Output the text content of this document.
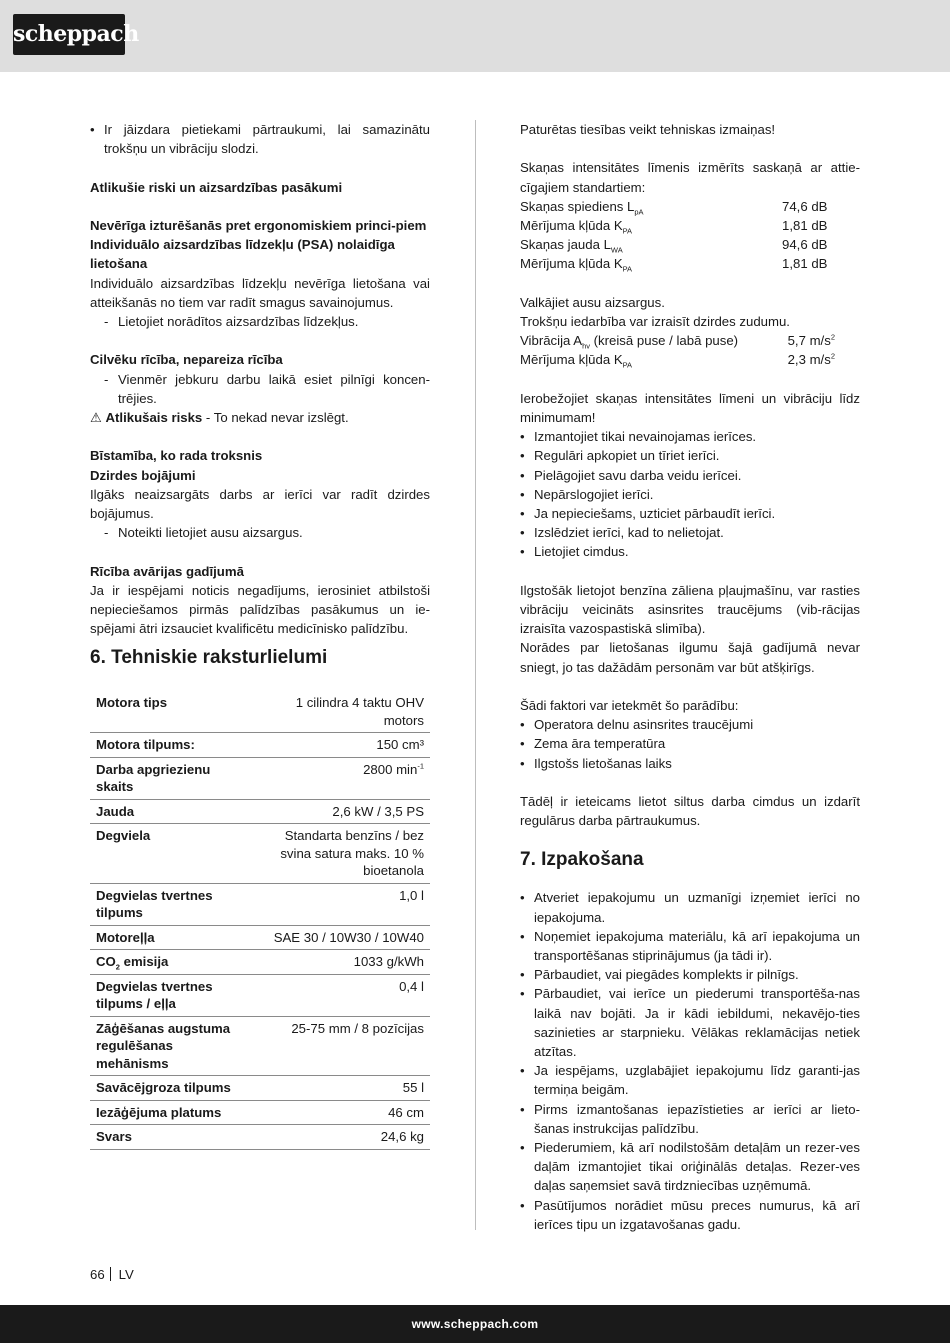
scheppach

• Ir jāizdara pietiekami pārtraukumi, lai samazinātu trokšņu un vibrāciju slodzi.

Atlikušie riski un aizsardzības pasākumi

Nevērīga izturēšanās pret ergonomiskiem princi-piem

Individuālo aizsardzības līdzekļu (PSA) nolaidīga lietošana

Individuālo aizsardzības līdzekļu nevērīga lietošana vai atteikšanās no tiem var radīt smagus savainojumus.

- Lietojiet norādītos aizsardzības līdzekļus.

Cilvēku rīcība, nepareiza rīcība

- Vienmēr jebkuru darbu laikā esiet pilnīgi koncen-trējies.

⚠ Atlikušais risks - To nekad nevar izslēgt.

Bīstamība, ko rada troksnis

Dzirdes bojājumi

Ilgāks neaizsargāts darbs ar ierīci var radīt dzirdes bojājumus.

- Noteikti lietojiet ausu aizsargus.

Rīcība avārijas gadījumā

Ja ir iespējami noticis negadījums, ierosiniet atbilstoši nepieciešamos pirmās palīdzības pasākumus un ie-spējami ātri izsauciet kvalificētu medicīnisko palīdzību.

6. Tehniskie raksturlielumi
Motora tips	1 cilindra 4 taktu OHV motors
Motora tilpums:	150 cm³
Darba apgriezienu skaits	2800 $\min^{-1}$
Jauda	2,6 kW / 3,5 PS
Degviela	Standarta benzīns / bez svina satura maks. 10 % bioetanola
Degvielas tvertnes tilpums	1,0 l
Motoreļļa	SAE 30 / 10W30 / 10W40
$CO_2$ emisija	1033 g/kWh
Degvielas tvertnes tilpums / eļļa	0,4 l
Zāģēšanas augstuma regulēšanas mehānisms	25-75 mm / 8 pozīcijas
Savācējgroza tilpums	55 l
Iezāģējuma platums	46 cm
Svars	24,6 kg

Paturētas tiesības veikt tehniskas izmaiņas!

Skaņas intensitātes līmenis izmērīts saskaņā ar attie-cīgajiem standartiem:

Skaņas spiediens $L_{pA}$	74,6 dB
Mērījuma kļūda $K_{PA}$	1,81 dB
Skaņas jauda $L_{WA}$	94,6 dB
Mērījuma kļūda $K_{PA}$	1,81 dB

Valkājiet ausu aizsargus.

Trokšņu iedarbība var izraisīt dzirdes zudumu.

Vibrācija $A_{hv}$ (kreisā puse / labā puse)	5,7 $m/s^2$
Mērījuma kļūda $K_{PA}$	2,3 $m/s^2$

Ierobežojiet skaņas intensitātes līmeni un vibrāciju līdz minimumam!

• Izmantojiet tikai nevainojamas ierīces.

• Regulāri apkopiet un tīriet ierīci.

• Pielāgojiet savu darba veidu ierīcei.

• Nepārslogojiet ierīci.

• Ja nepieciešams, uzticiet pārbaudīt ierīci.

• Izslēdziet ierīci, kad to nelietojat.

• Lietojiet cimdus.

Ilgstošāk lietojot benzīna zāliena pļaujmašīnu, var rasties vibrāciju veicināts asinsrites traucējums (vib-rācijas izraisīta vazospastiskā slimība).

Norādes par lietošanas ilgumu šajā gadījumā nevar sniegt, jo tas dažādām personām var būt atšķirīgs.

Šādi faktori var ietekmēt šo parādību:

• Operatora delnu asinsrites traucējumi

• Zema āra temperatūra

• Ilgstošs lietošanas laiks

Tādēļ ir ieteicams lietot siltus darba cimdus un izdarīt regulārus darba pārtraukumus.

7. Izpakošana

• Atveriet iepakojumu un uzmanīgi izņemiet ierīci no iepakojuma.

• Noņemiet iepakojuma materiālu, kā arī iepakojuma un transportēšanas stiprinājumus (ja tādi ir).

• Pārbaudiet, vai piegādes komplekts ir pilnīgs.

• Pārbaudiet, vai ierīce un piederumi transportēša-nas laikā nav bojāti. Ja ir kādi iebildumi, nekavējo-ties sazinieties ar starpnieku. Vēlākas reklamācijas netiek atzītas.

• Ja iespējams, uzglabājiet iepakojumu līdz garanti-jas termiņa beigām.

• Pirms izmantošanas iepazīstieties ar ierīci ar lieto-šanas instrukcijas palīdzību.

• Piederumiem, kā arī nodilstošām detaļām un rezer-ves daļām izmantojiet tikai oriģinālās detaļas. Rezer-ves daļas saņemsiet savā tirdzniecības uzņēmumā.

• Pasūtījumos norādiet mūsu preces numurus, kā arī ierīces tipu un izgatavošanas gadu.

66 LV
www.scheppach.com
